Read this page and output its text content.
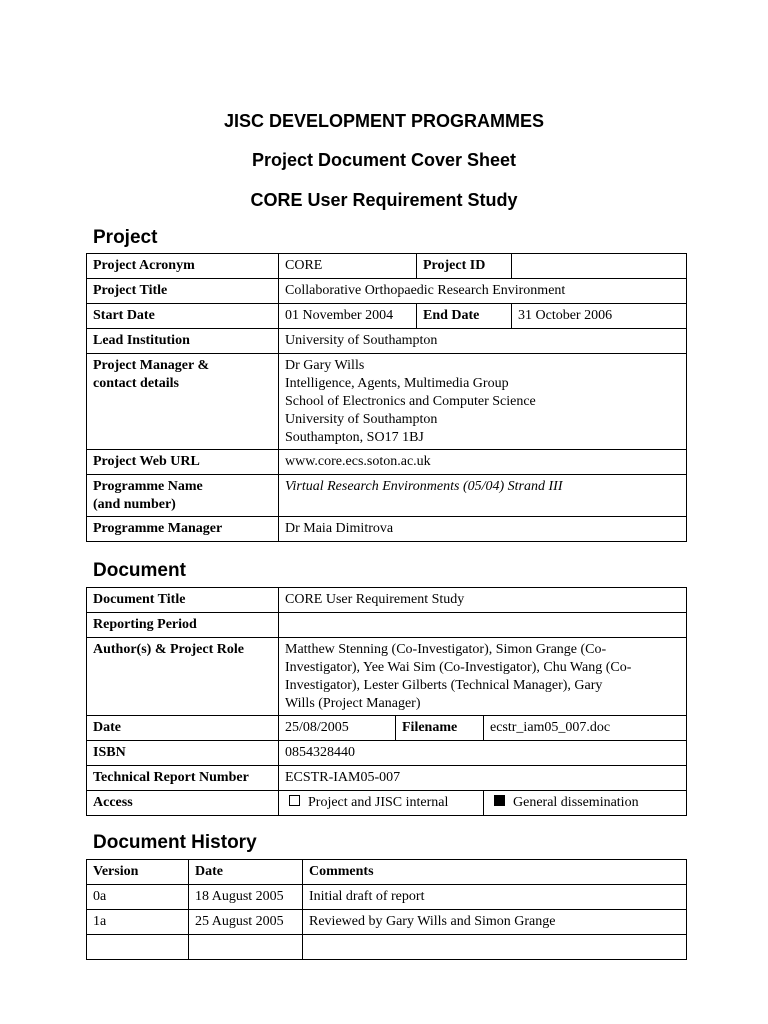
JISC DEVELOPMENT PROGRAMMES
Project Document Cover Sheet
CORE User Requirement Study
Project
Project Acronym	CORE	Project ID	
Project Title	Collaborative Orthopaedic Research Environment		
Start Date	01 November 2004	End Date	31 October 2006
Lead Institution	University of Southampton		

Project Manager &
contact details	Dr Gary Wills
Intelligence, Agents, Multimedia Group
School of Electronics and Computer Science
University of Southampton
Southampton, SO17 1BJ		

Project Web URL	www.core.ecs.soton.ac.uk		

Programme Name
(and number)	Virtual Research Environments (05/04) Strand III		
Programme Manager	Dr Maia Dimitrova		
Document
Document Title	CORE User Requirement Study		
Reporting Period			
Author(s) & Project Role	Matthew Stenning (Co-Investigator), Simon Grange (Co-
Investigator), Yee Wai Sim (Co-Investigator), Chu Wang (Co-
Investigator), Lester Gilberts (Technical Manager), Gary
Wills (Project Manager)		

Date	25/08/2005	Filename	ecstr_iam05_007.doc
ISBN	0854328440		
Technical Report Number	ECSTR-IAM05-007		
Access	Project and JISC internal		General dissemination
Document History
Version	Date	Comments
0a	18 August 2005	Initial draft of report
1a	25 August 2005	Reviewed by Gary Wills and Simon Grange
